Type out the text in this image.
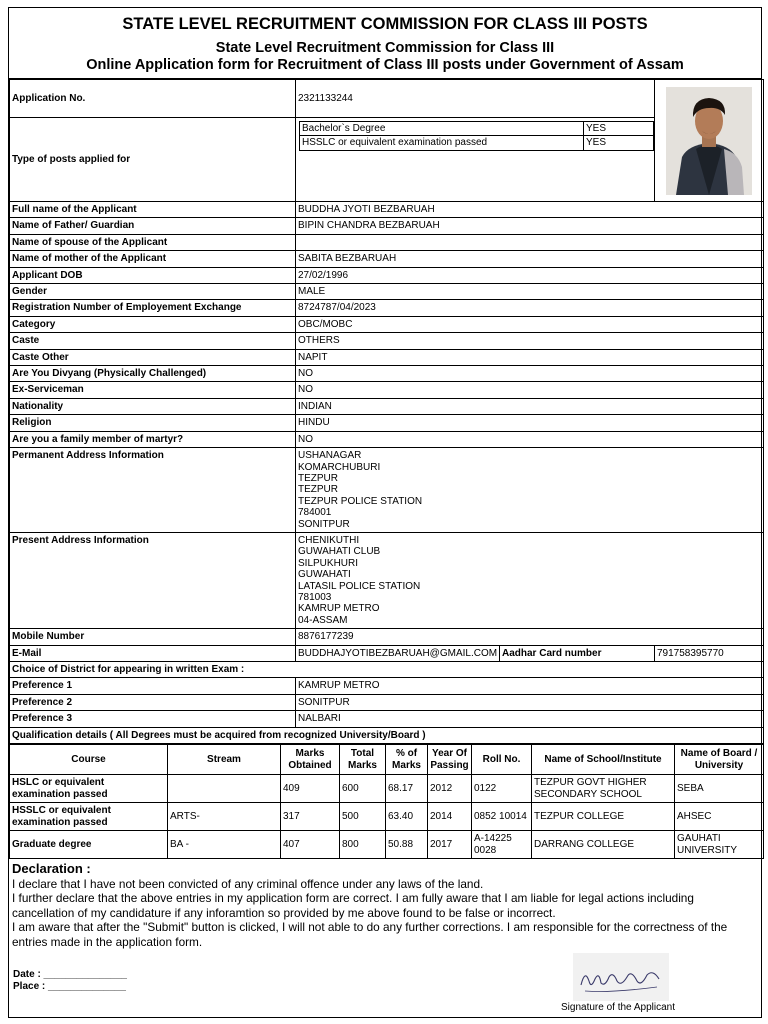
STATE LEVEL RECRUITMENT COMMISSION FOR CLASS III POSTS
State Level Recruitment Commission for Class III
Online Application form for Recruitment of Class III posts under Government of Assam
Application No.	2321133244	

Type of posts applied for	
Bachelor`s Degree	YES
HSSLC or equivalent examination passed	YES

Full name of the Applicant	BUDDHA JYOTI BEZBARUAH
Name of Father/ Guardian	BIPIN CHANDRA BEZBARUAH
Name of spouse of the Applicant	
Name of mother of the Applicant	SABITA BEZBARUAH
Applicant DOB	27/02/1996
Gender	MALE
Registration Number of Employement Exchange	8724787/04/2023
Category	OBC/MOBC
Caste	OTHERS
Caste Other	NAPIT
Are You Divyang (Physically Challenged)	NO
Ex-Serviceman	NO
Nationality	INDIAN
Religion	HINDU
Are you a family member of martyr?	NO
Permanent Address Information	USHANAGAR
KOMARCHUBURI
TEZPUR
TEZPUR
TEZPUR POLICE STATION
784001
SONITPUR

Present Address Information	CHENIKUTHI
GUWAHATI CLUB
SILPUKHURI
GUWAHATI
LATASIL POLICE STATION
781003
KAMRUP METRO
04-ASSAM

Mobile Number	8876177239
E-Mail	BUDDHAJYOTIBEZBARUAH@GMAIL.COM	Aadhar Card number	791758395770
Choice of District for appearing in written Exam :
Preference 1	KAMRUP METRO
Preference 2	SONITPUR
Preference 3	NALBARI
Qualification details ( All Degrees must be acquired from recognized University/Board )
Course	Stream	Marks Obtained	Total Marks	% of Marks	Year Of Passing	Roll No.	Name of School/Institute	Name of Board / University
HSLC or equivalent examination passed		409	600	68.17	2012	0122	TEZPUR GOVT HIGHER SECONDARY SCHOOL	SEBA
HSSLC or equivalent examination passed	ARTS-	317	500	63.40	2014	0852 10014	TEZPUR COLLEGE	AHSEC
Graduate degree	BA -	407	800	50.88	2017	A-14225 0028	DARRANG COLLEGE	GAUHATI UNIVERSITY
Declaration :
I declare that I have not been convicted of any criminal offence under any laws of the land.
I further declare that the above entries in my application form are correct. I am fully aware that I am liable for legal actions including cancellation of my candidature if any inforamtion so provided by me above found to be false or incorrect.
I am aware that after the "Submit" button is clicked, I will not able to do any further corrections. I am responsible for the correctness of the entries made in the application form.
Date : _______________
Place : ______________
Signature of the Applicant
